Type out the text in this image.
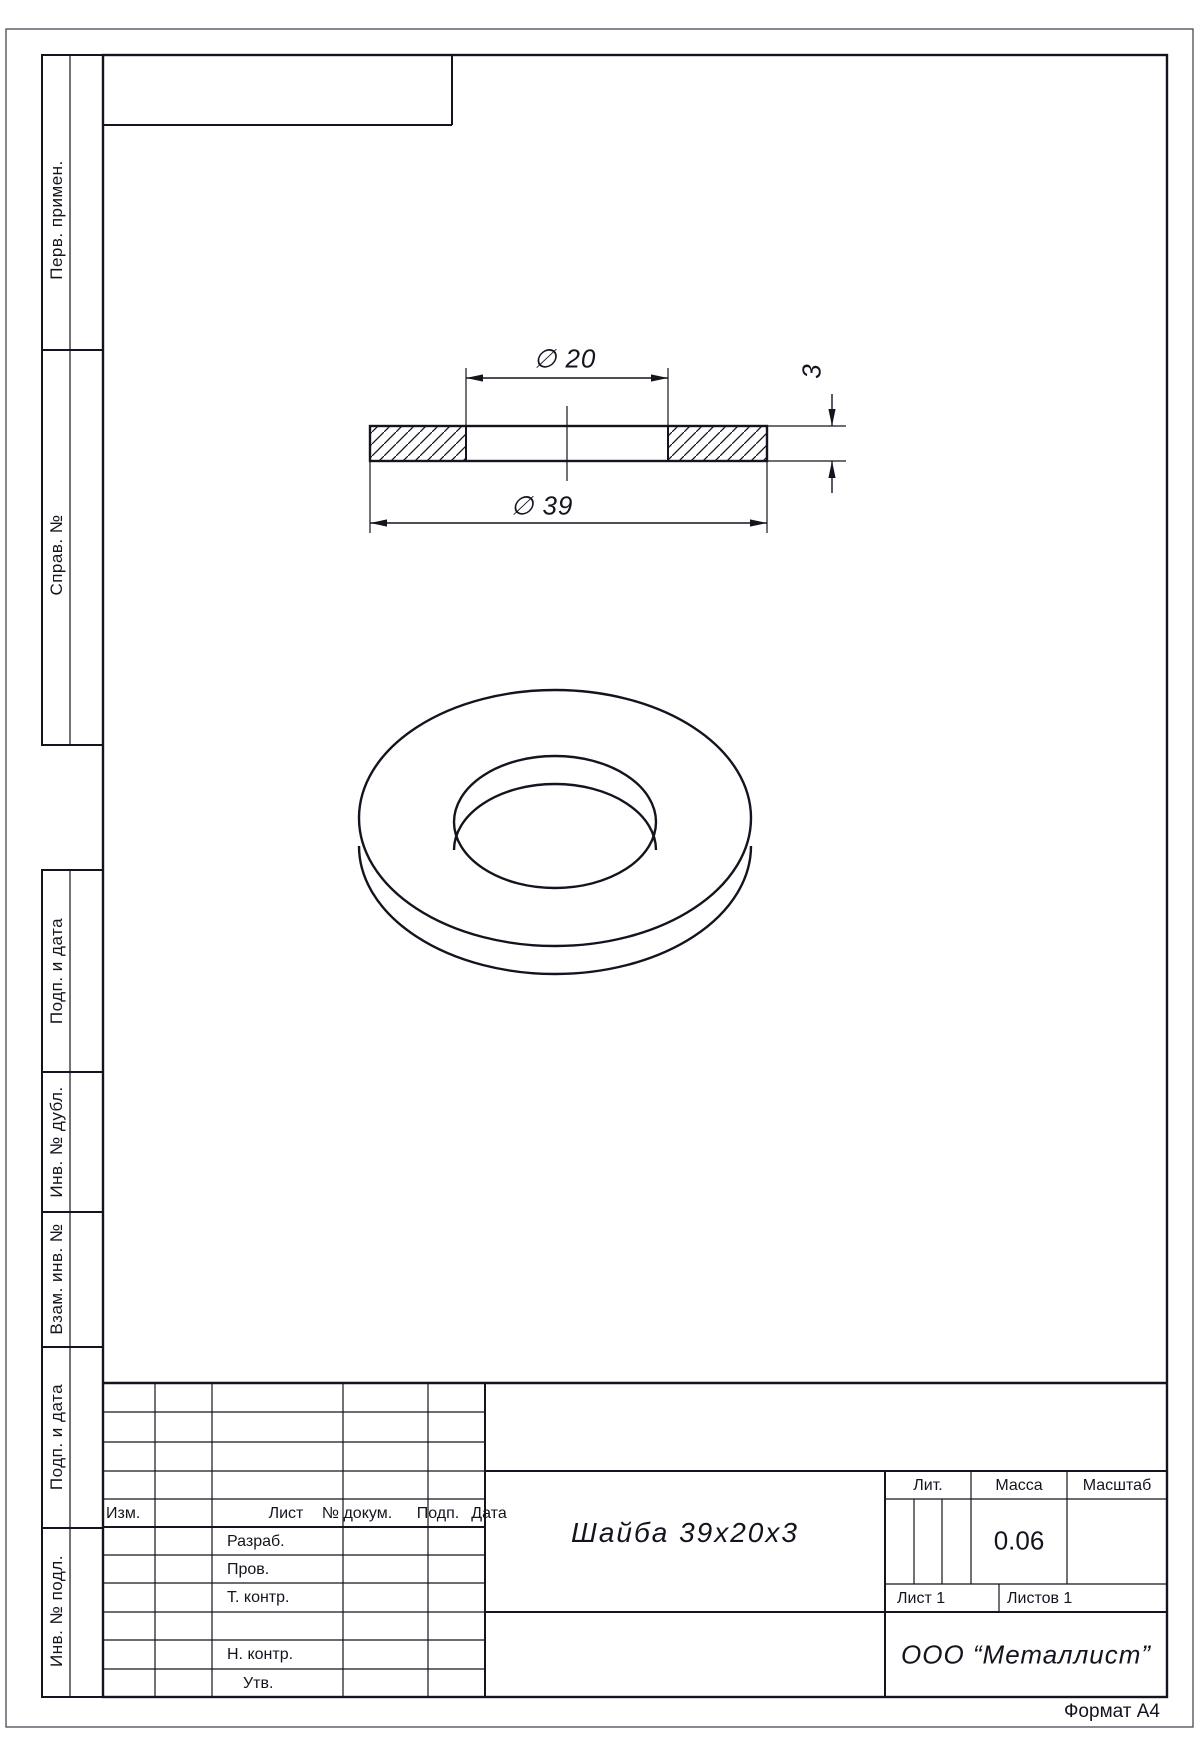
Перв. примен.
Справ. №
Подп. и дата
Инв. № дубл.
Взам. инв. №
Подп. и дата
Инв. № подл.
∅ 20
∅ 39
3
Изм.	Лист № докум. Подп. Дата
Разраб.
Пров.
Т. контр.
Н. контр.
Утв.
Шайба 39x20x3
Лит.	Масса	Масштаб
0.06
Лист 1	Листов 1
ООО “Металлист”
Формат А4
